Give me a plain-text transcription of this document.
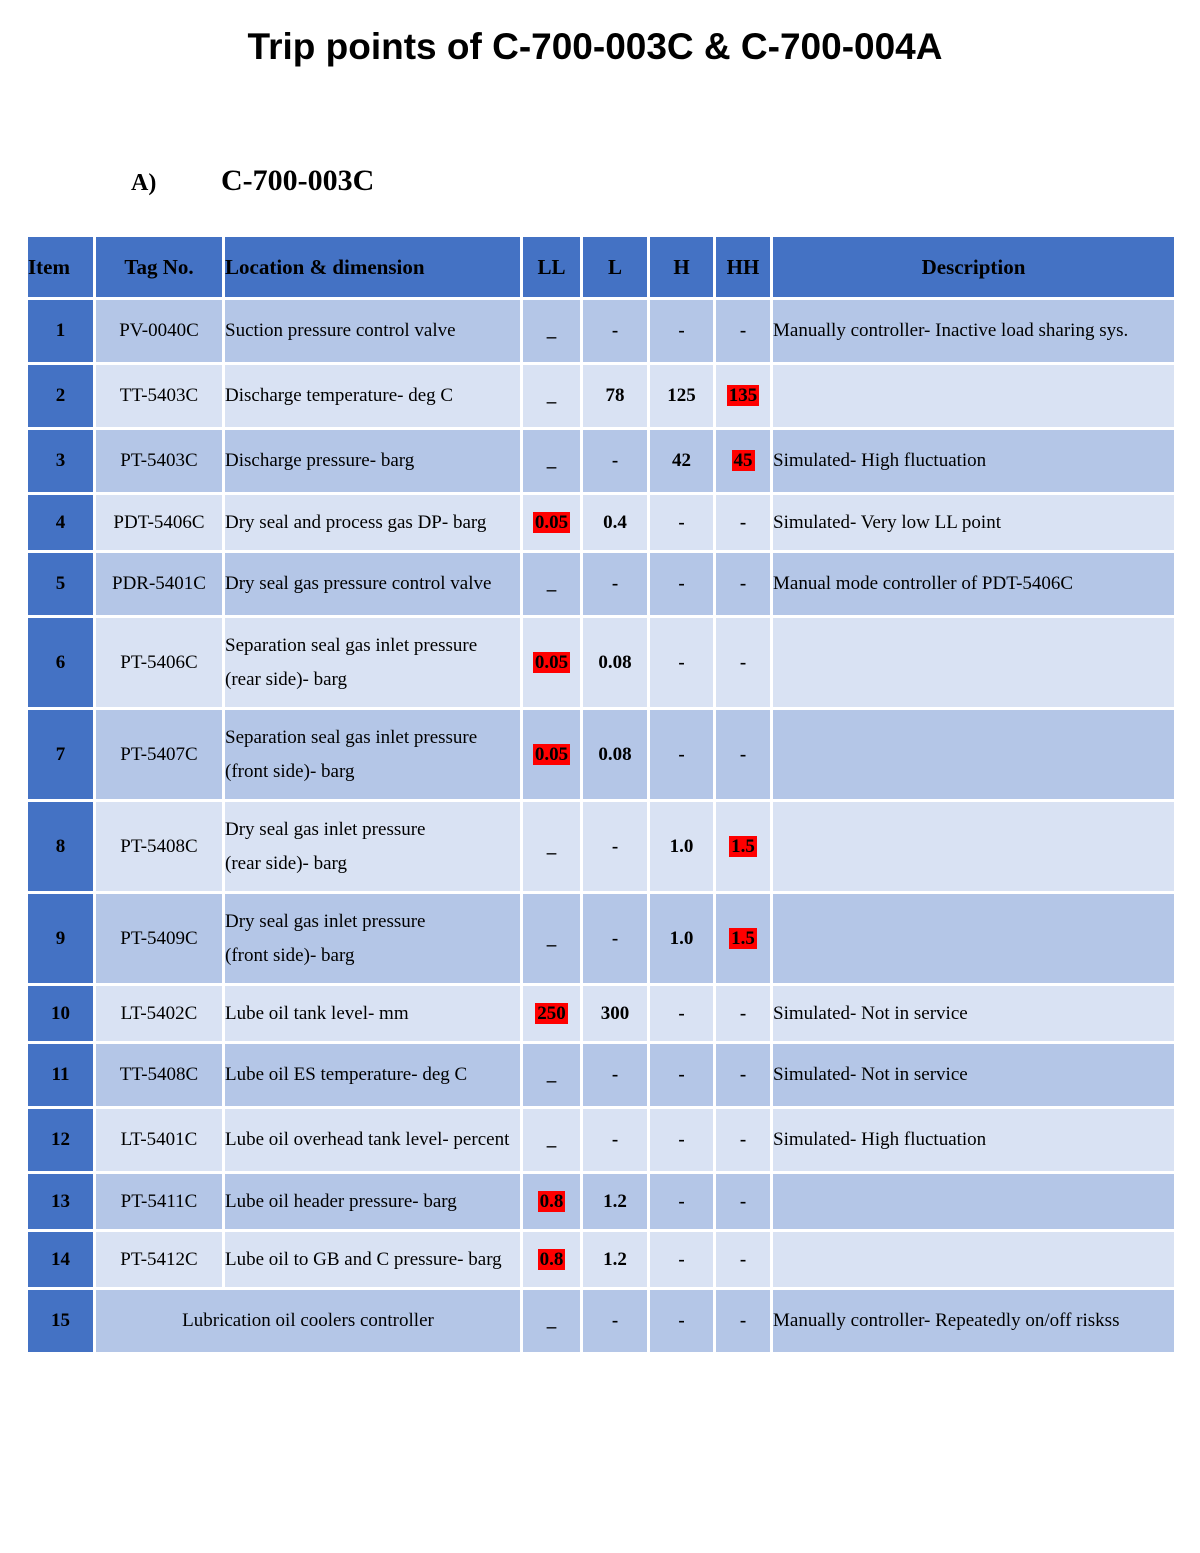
Trip points of C-700-003C & C-700-004A
A) C-700-003C
Item	Tag No.	Location & dimension	LL	L	H	HH	Description
1	PV-0040C	Suction pressure control valve	_	-	-	-	Manually controller- Inactive load sharing sys.
2	TT-5403C	Discharge temperature- deg C	_	78	125	135	
3	PT-5403C	Discharge pressure- barg	_	-	42	45	Simulated- High fluctuation
4	PDT-5406C	Dry seal and process gas DP- barg	0.05	0.4	-	-	Simulated- Very low LL point
5	PDR-5401C	Dry seal gas pressure control valve	_	-	-	-	Manual mode controller of PDT-5406C
6	PT-5406C	Separation seal gas inlet pressure
(rear side)- barg	0.05	0.08	-	-	
7	PT-5407C	Separation seal gas inlet pressure
(front side)- barg	0.05	0.08	-	-	
8	PT-5408C	Dry seal gas inlet pressure
(rear side)- barg	_	-	1.0	1.5	
9	PT-5409C	Dry seal gas inlet pressure
(front side)- barg	_	-	1.0	1.5	
10	LT-5402C	Lube oil tank level- mm	250	300	-	-	Simulated- Not in service
11	TT-5408C	Lube oil ES temperature- deg C	_	-	-	-	Simulated- Not in service
12	LT-5401C	Lube oil overhead tank level- percent	_	-	-	-	Simulated- High fluctuation
13	PT-5411C	Lube oil header pressure- barg	0.8	1.2	-	-	
14	PT-5412C	Lube oil to GB and C pressure- barg	0.8	1.2	-	-	
15	Lubrication oil coolers controller		_	-	-	-	Manually controller- Repeatedly on/off riskss
